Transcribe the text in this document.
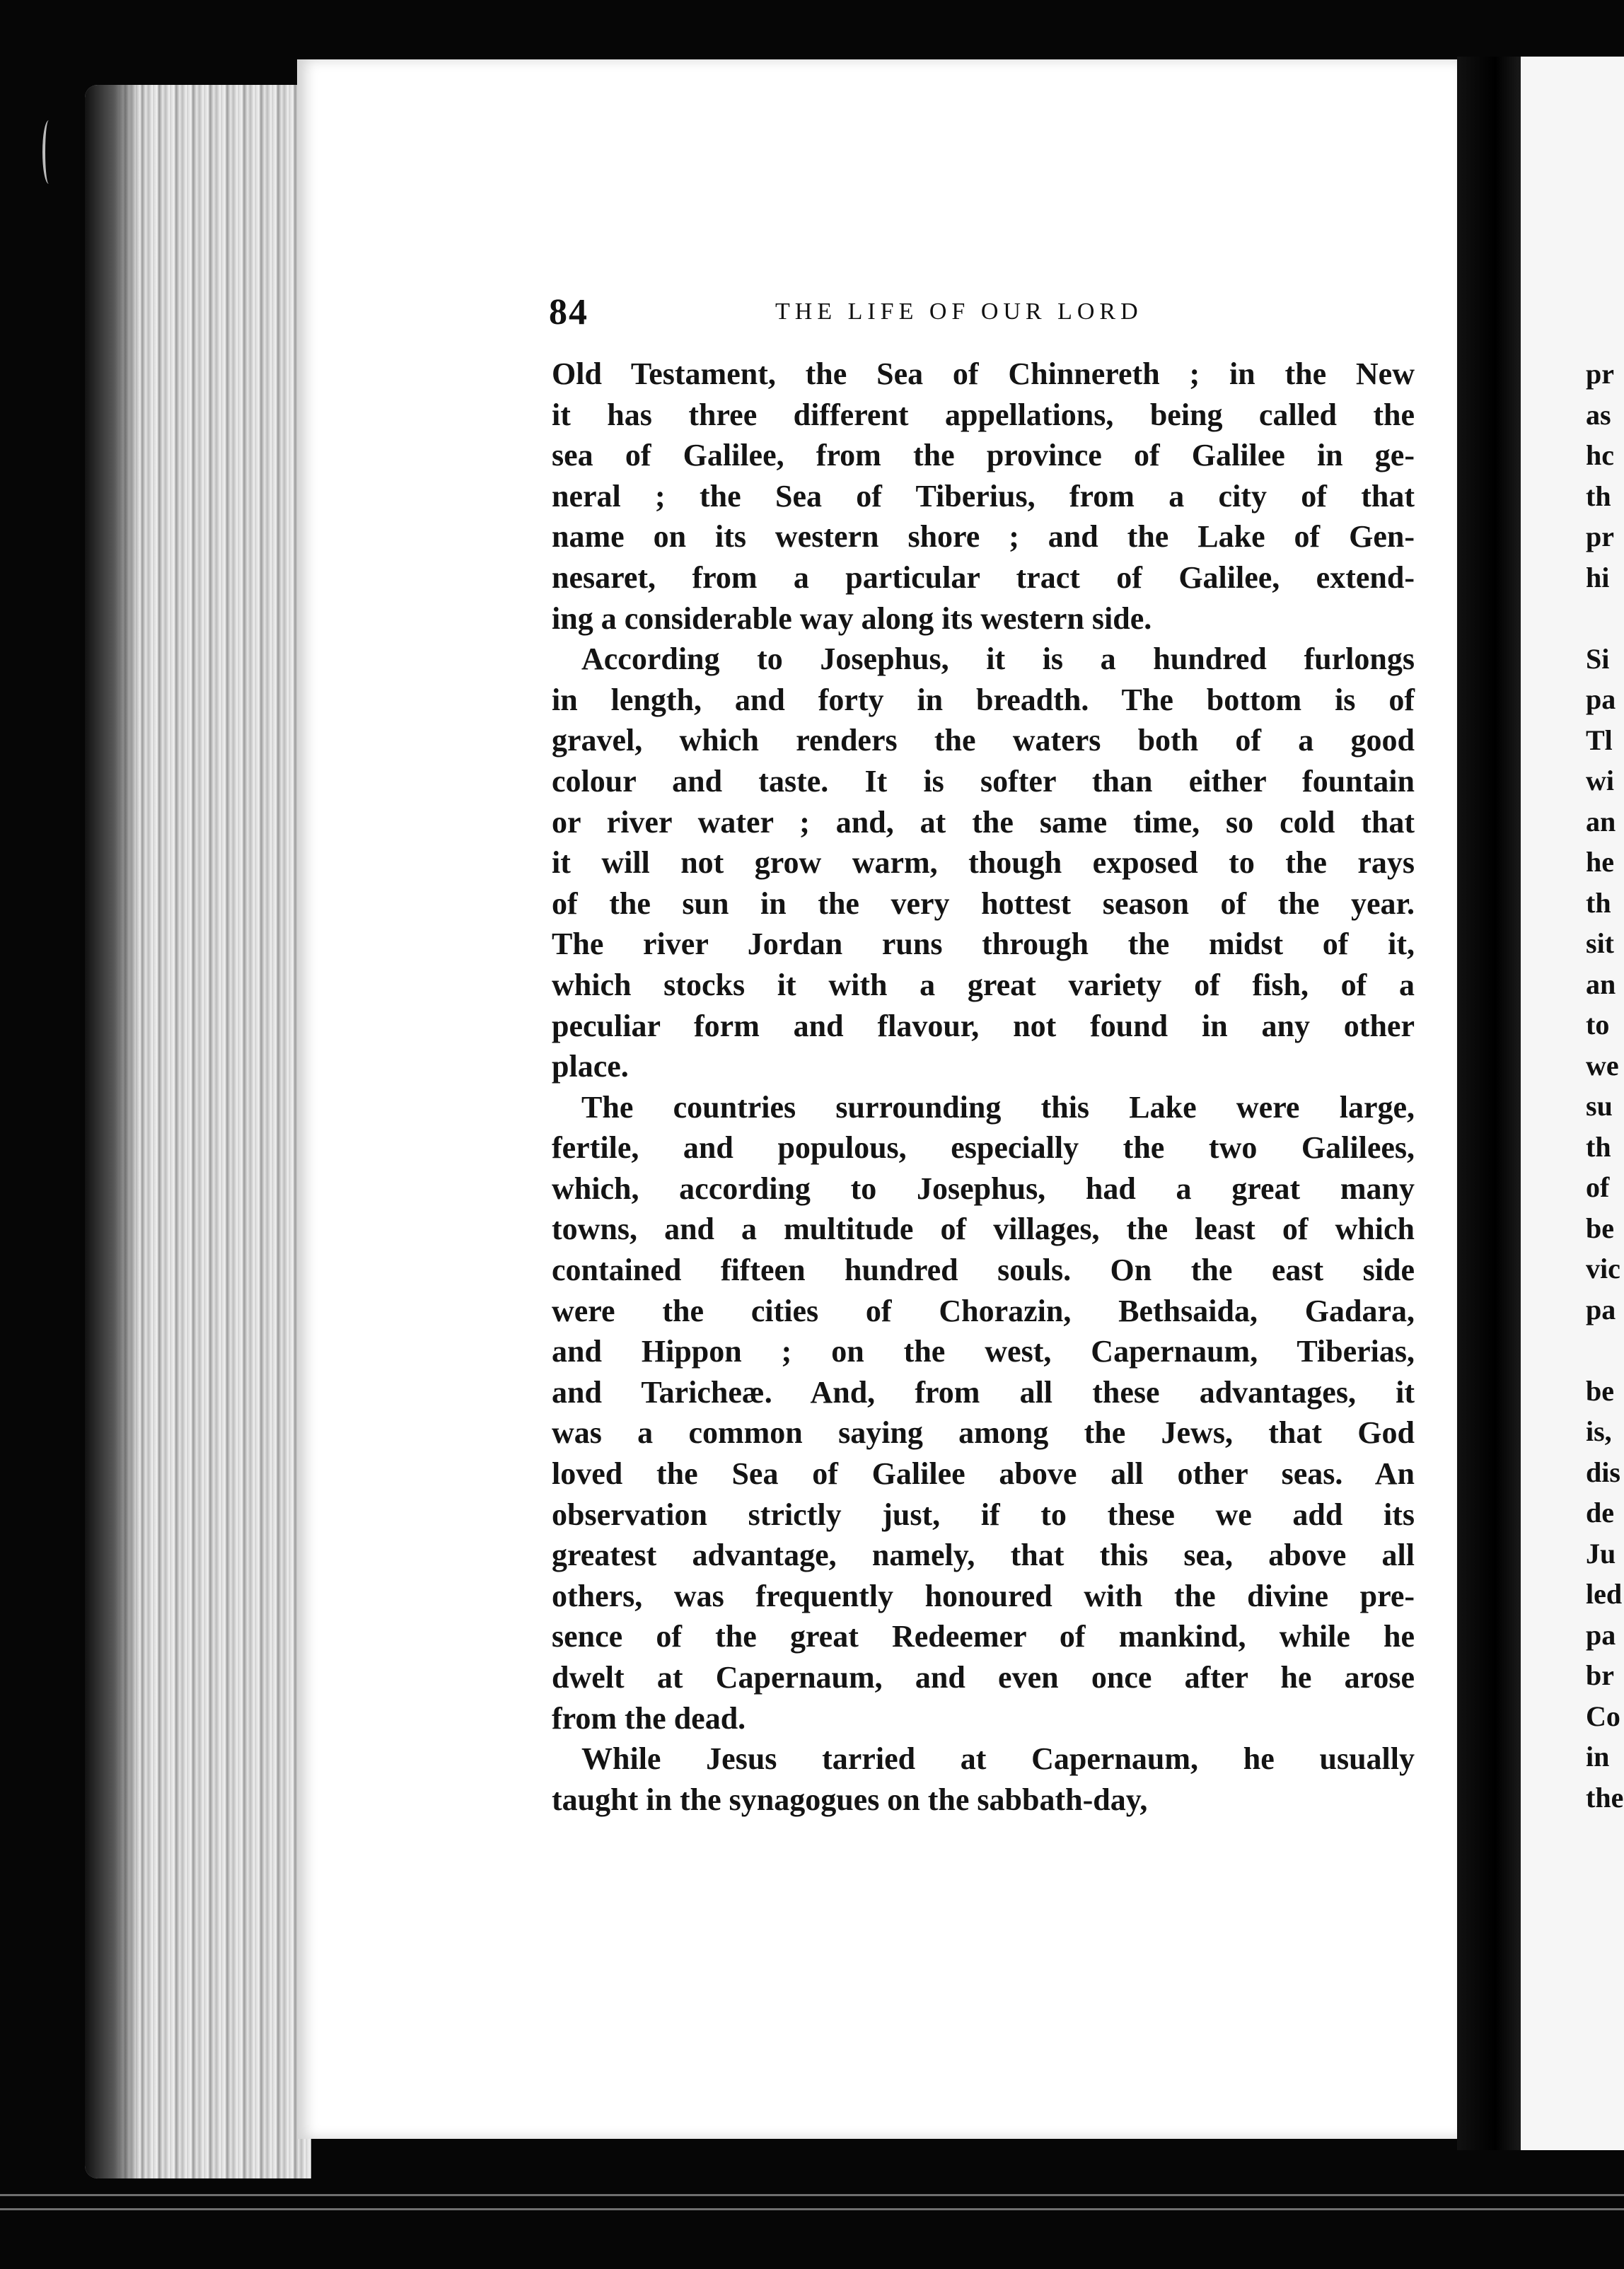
pr
as
hc
th
pr
hi
Si
pa
Tl
wi
an
he
th
sit
an
to
we
su
th
of
be
vic
pa
be
is,
dis
de
Ju
led
pa
br
Co
in
the
84	THE LIFE OF OUR LORD
Old Testament, the Sea of Chinnereth ; in the New
it has three different appellations, being called the
sea of Galilee, from the province of Galilee in ge-
neral ; the Sea of Tiberius, from a city of that
name on its western shore ; and the Lake of Gen-
nesaret, from a particular tract of Galilee, extend-
ing a considerable way along its western side.
According to Josephus, it is a hundred furlongs
in length, and forty in breadth. The bottom is of
gravel, which renders the waters both of a good
colour and taste. It is softer than either fountain
or river water ; and, at the same time, so cold that
it will not grow warm, though exposed to the rays
of the sun in the very hottest season of the year.
The river Jordan runs through the midst of it,
which stocks it with a great variety of fish, of a
peculiar form and flavour, not found in any other
place.
The countries surrounding this Lake were large,
fertile, and populous, especially the two Galilees,
which, according to Josephus, had a great many
towns, and a multitude of villages, the least of which
contained fifteen hundred souls. On the east side
were the cities of Chorazin, Bethsaida, Gadara,
and Hippon ; on the west, Capernaum, Tiberias,
and Tarichеæ. And, from all these advantages, it
was a common saying among the Jews, that God
loved the Sea of Galilee above all other seas. An
observation strictly just, if to these we add its
greatest advantage, namely, that this sea, above all
others, was frequently honoured with the divine pre-
sence of the great Redeemer of mankind, while he
dwelt at Capernaum, and even once after he arose
from the dead.
While Jesus tarried at Capernaum, he usually
taught in the synagogues on the sabbath-day,
